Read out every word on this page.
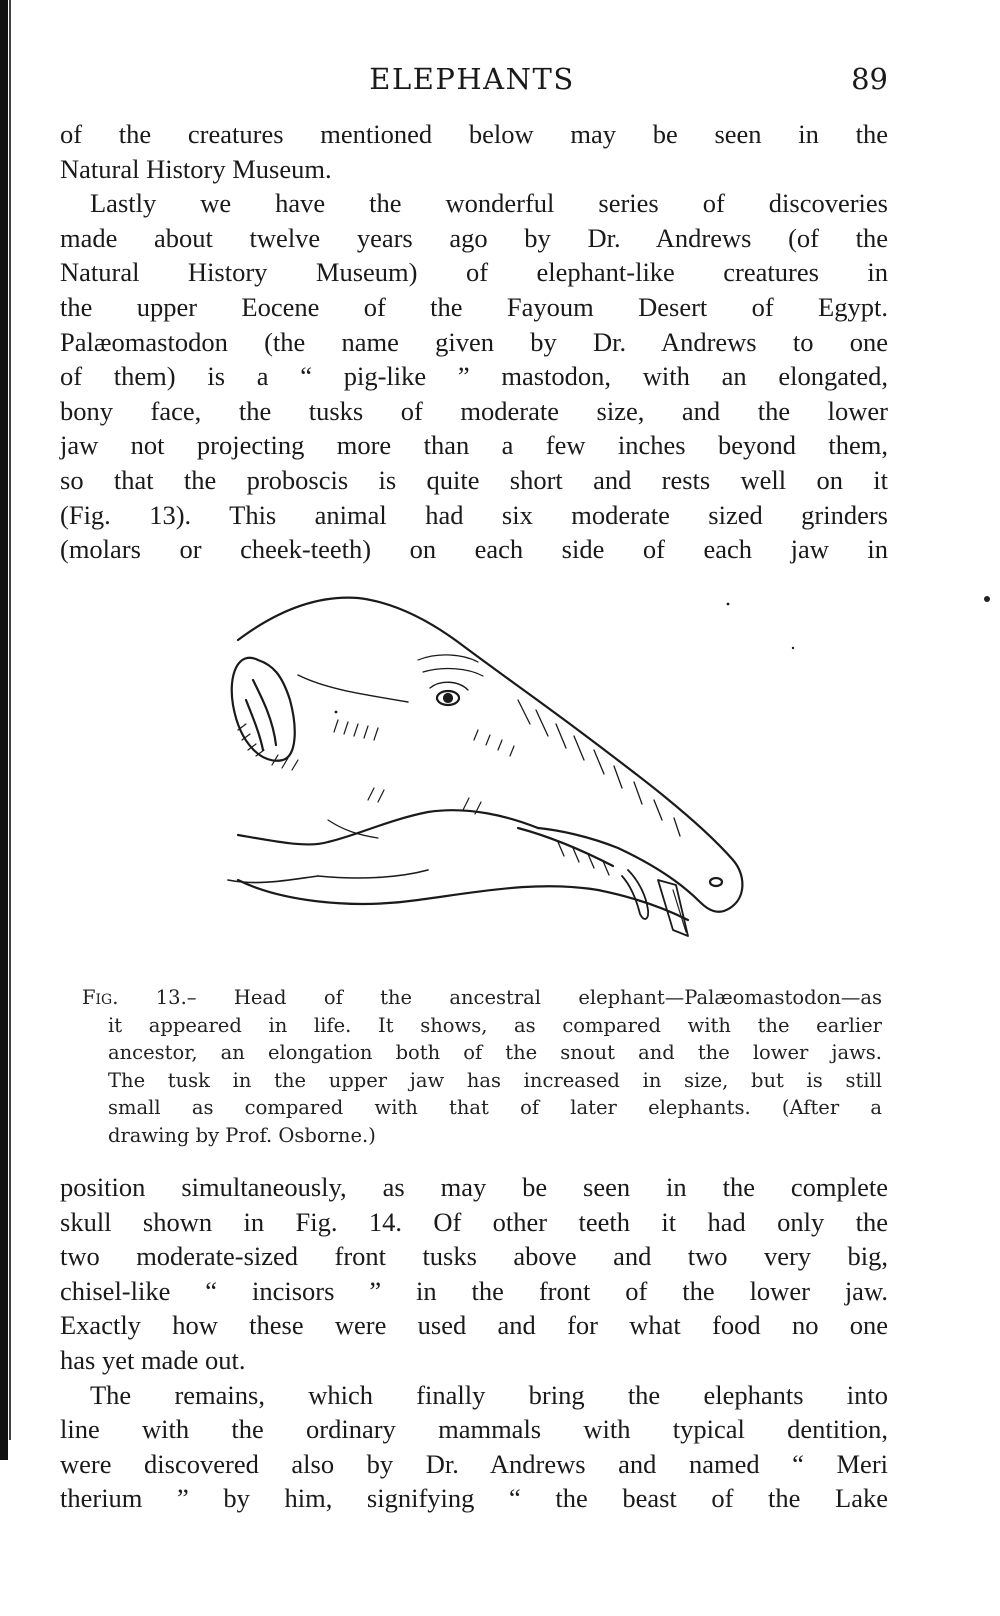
ELEPHANTS	89
of the creatures mentioned below may be seen in the
Natural History Museum.
Lastly we have the wonderful series of discoveries
made about twelve years ago by Dr. Andrews (of the
Natural History Museum) of elephant-like creatures in
the upper Eocene of the Fayoum Desert of Egypt.
Palæomastodon (the name given by Dr. Andrews to one
of them) is a “ pig-like ” mastodon, with an elongated,
bony face, the tusks of moderate size, and the lower
jaw not projecting more than a few inches beyond them,
so that the proboscis is quite short and rests well on it
(Fig. 13). This animal had six moderate sized grinders
(molars or cheek-teeth) on each side of each jaw in
Fig. 13.– Head of the ancestral elephant—Palæomastodon—as
it appeared in life. It shows, as compared with the earlier
ancestor, an elongation both of the snout and the lower jaws.
The tusk in the upper jaw has increased in size, but is still
small as compared with that of later elephants. (After a
drawing by Prof. Osborne.)
position simultaneously, as may be seen in the complete
skull shown in Fig. 14. Of other teeth it had only the
two moderate-sized front tusks above and two very big,
chisel-like “ incisors ” in the front of the lower jaw.
Exactly how these were used and for what food no one
has yet made out.
The remains, which finally bring the elephants into
line with the ordinary mammals with typical dentition,
were discovered also by Dr. Andrews and named “ Meri
therium ” by him, signifying “ the beast of the Lake
